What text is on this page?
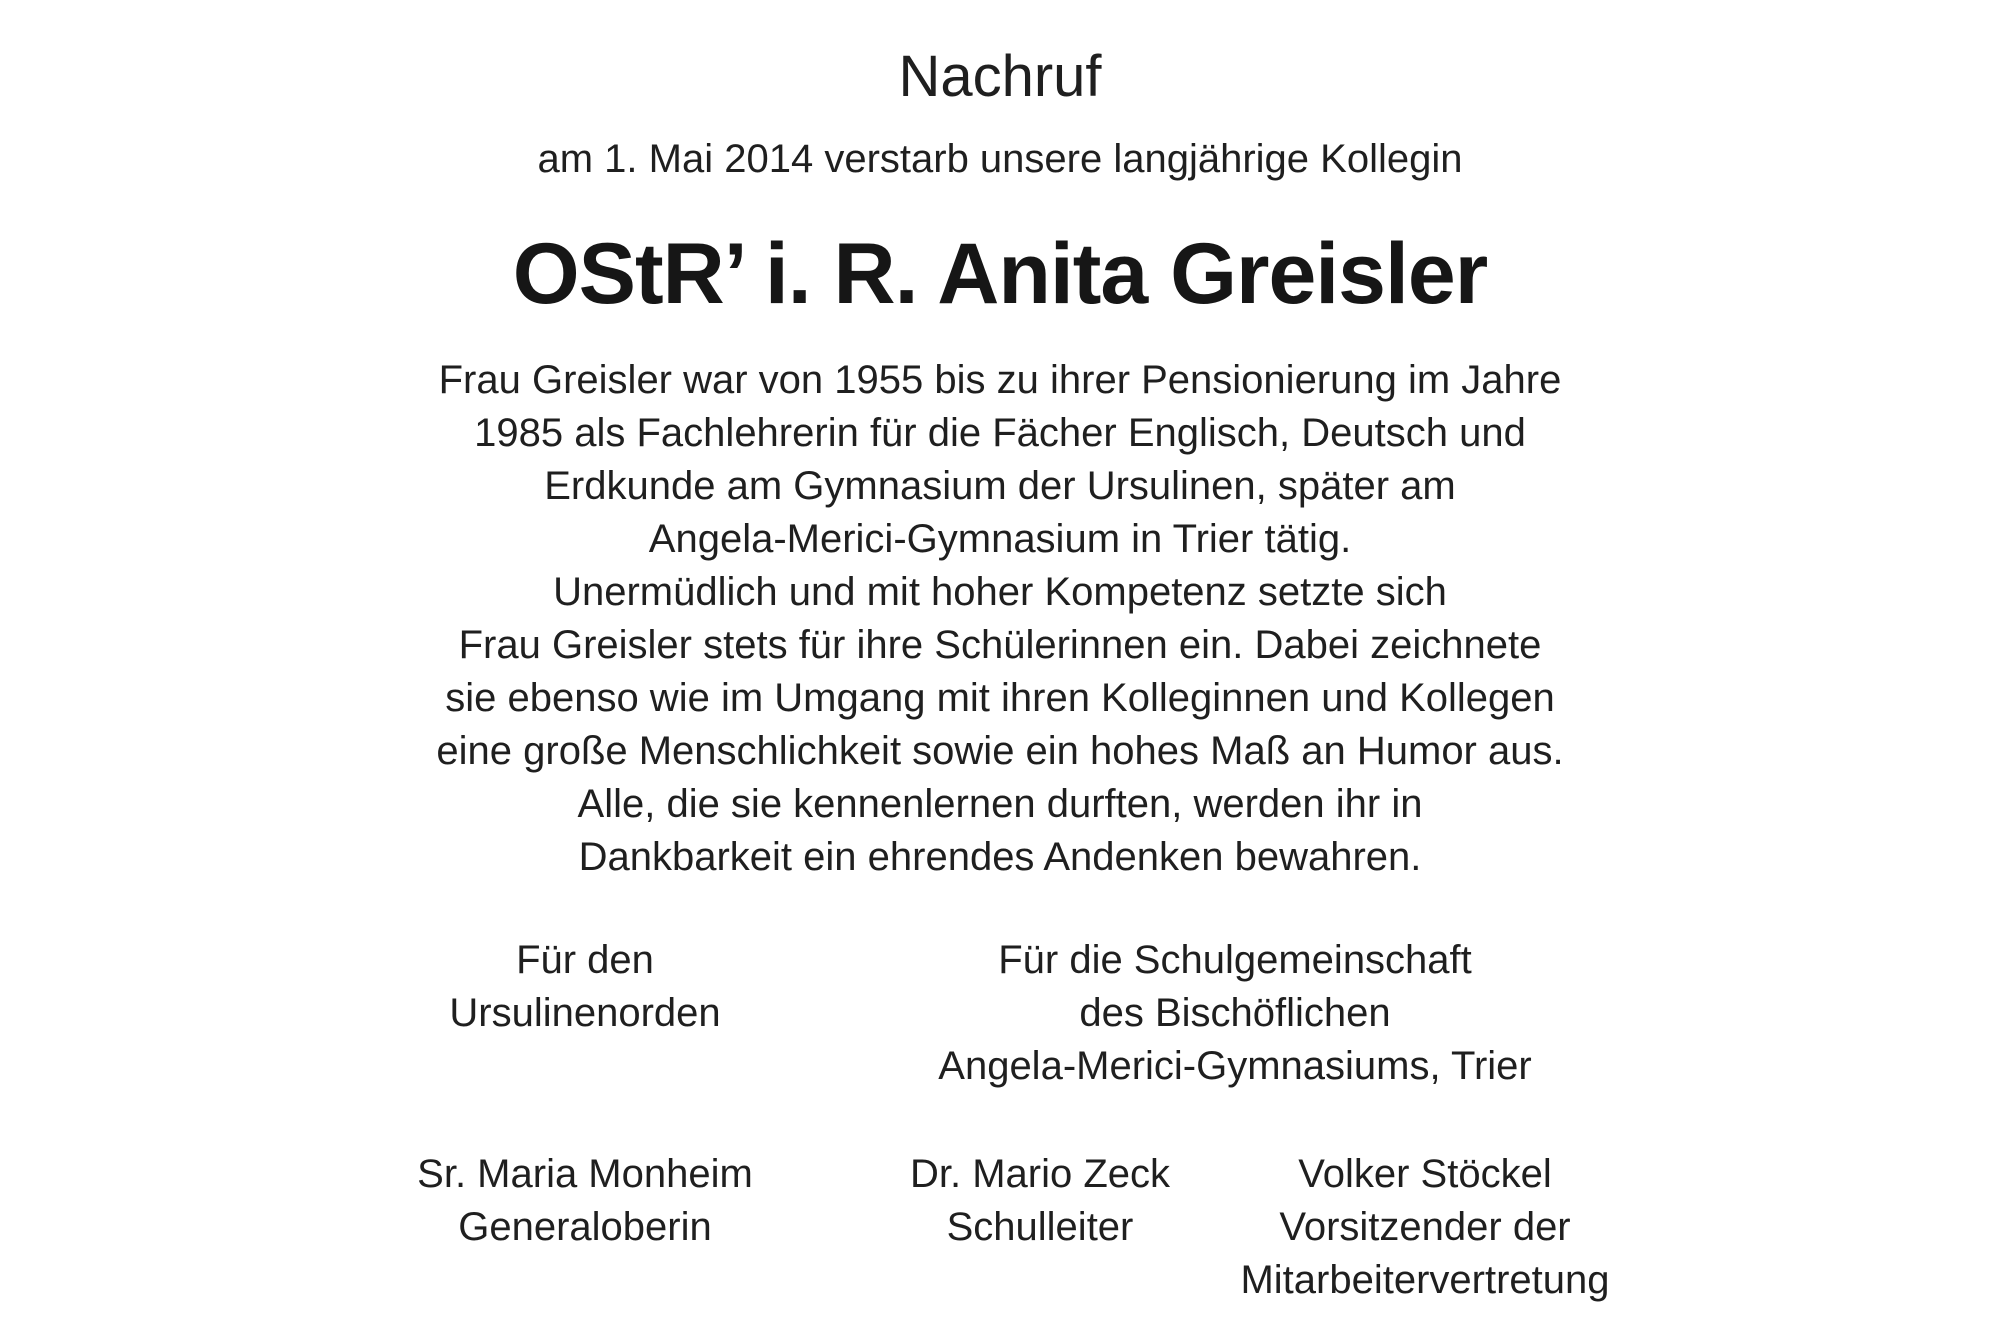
Nachruf
am 1. Mai 2014 verstarb unsere langjährige Kollegin
OStR’ i. R. Anita Greisler
Frau Greisler war von 1955 bis zu ihrer Pensionierung im Jahre
1985 als Fachlehrerin für die Fächer Englisch, Deutsch und
Erdkunde am Gymnasium der Ursulinen, später am
Angela-Merici-Gymnasium in Trier tätig.
Unermüdlich und mit hoher Kompetenz setzte sich
Frau Greisler stets für ihre Schülerinnen ein. Dabei zeichnete
sie ebenso wie im Umgang mit ihren Kolleginnen und Kollegen
eine große Menschlichkeit sowie ein hohes Maß an Humor aus.
Alle, die sie kennenlernen durften, werden ihr in
Dankbarkeit ein ehrendes Andenken bewahren.
Für den
Ursulinenorden
Für die Schulgemeinschaft
des Bischöflichen
Angela-Merici-Gymnasiums, Trier
Sr. Maria Monheim
Generaloberin
Dr. Mario Zeck
Schulleiter
Volker Stöckel
Vorsitzender der
Mitarbeitervertretung
